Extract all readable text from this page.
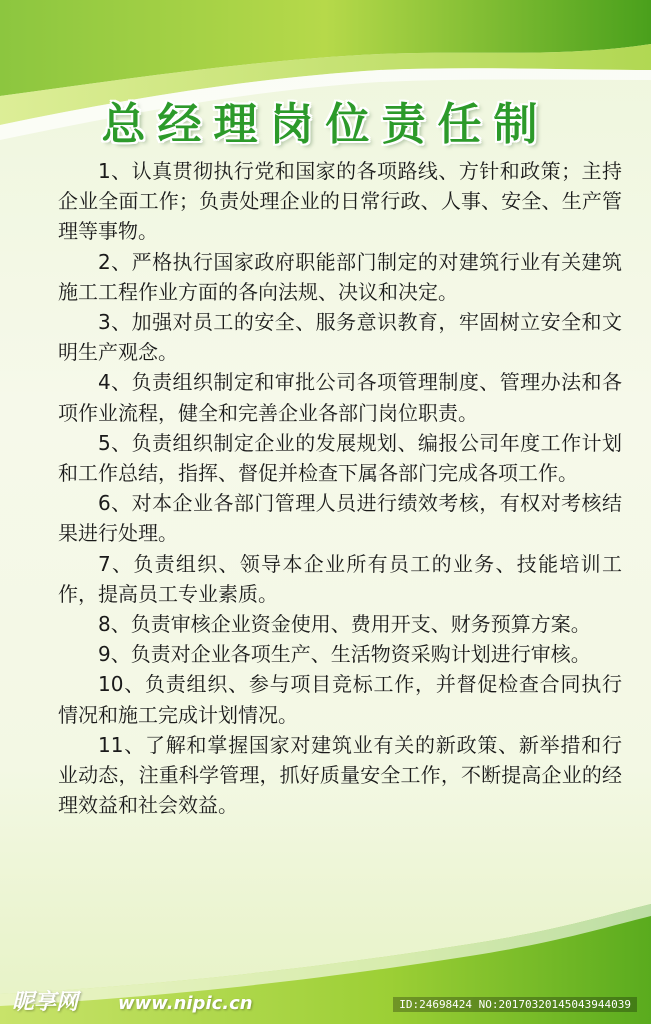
总经理岗位责任制

1、认真贯彻执行党和国家的各项路线、方针和政策；主持企业全面工作；负责处理企业的日常行政、人事、安全、生产管理等事物。

2、严格执行国家政府职能部门制定的对建筑行业有关建筑施工工程作业方面的各向法规、决议和决定。

3、加强对员工的安全、服务意识教育，牢固树立安全和文明生产观念。

4、负责组织制定和审批公司各项管理制度、管理办法和各项作业流程，健全和完善企业各部门岗位职责。

5、负责组织制定企业的发展规划、编报公司年度工作计划和工作总结，指挥、督促并检查下属各部门完成各项工作。

6、对本企业各部门管理人员进行绩效考核，有权对考核结果进行处理。

7、负责组织、领导本企业所有员工的业务、技能培训工作，提高员工专业素质。

8、负责审核企业资金使用、费用开支、财务预算方案。

9、负责对企业各项生产、生活物资采购计划进行审核。

10、负责组织、参与项目竞标工作，并督促检查合同执行情况和施工完成计划情况。

11、了解和掌握国家对建筑业有关的新政策、新举措和行业动态，注重科学管理，抓好质量安全工作，不断提高企业的经理效益和社会效益。

昵享网 www.nipic.cn	ID:24698424 NO:20170320145043944039
